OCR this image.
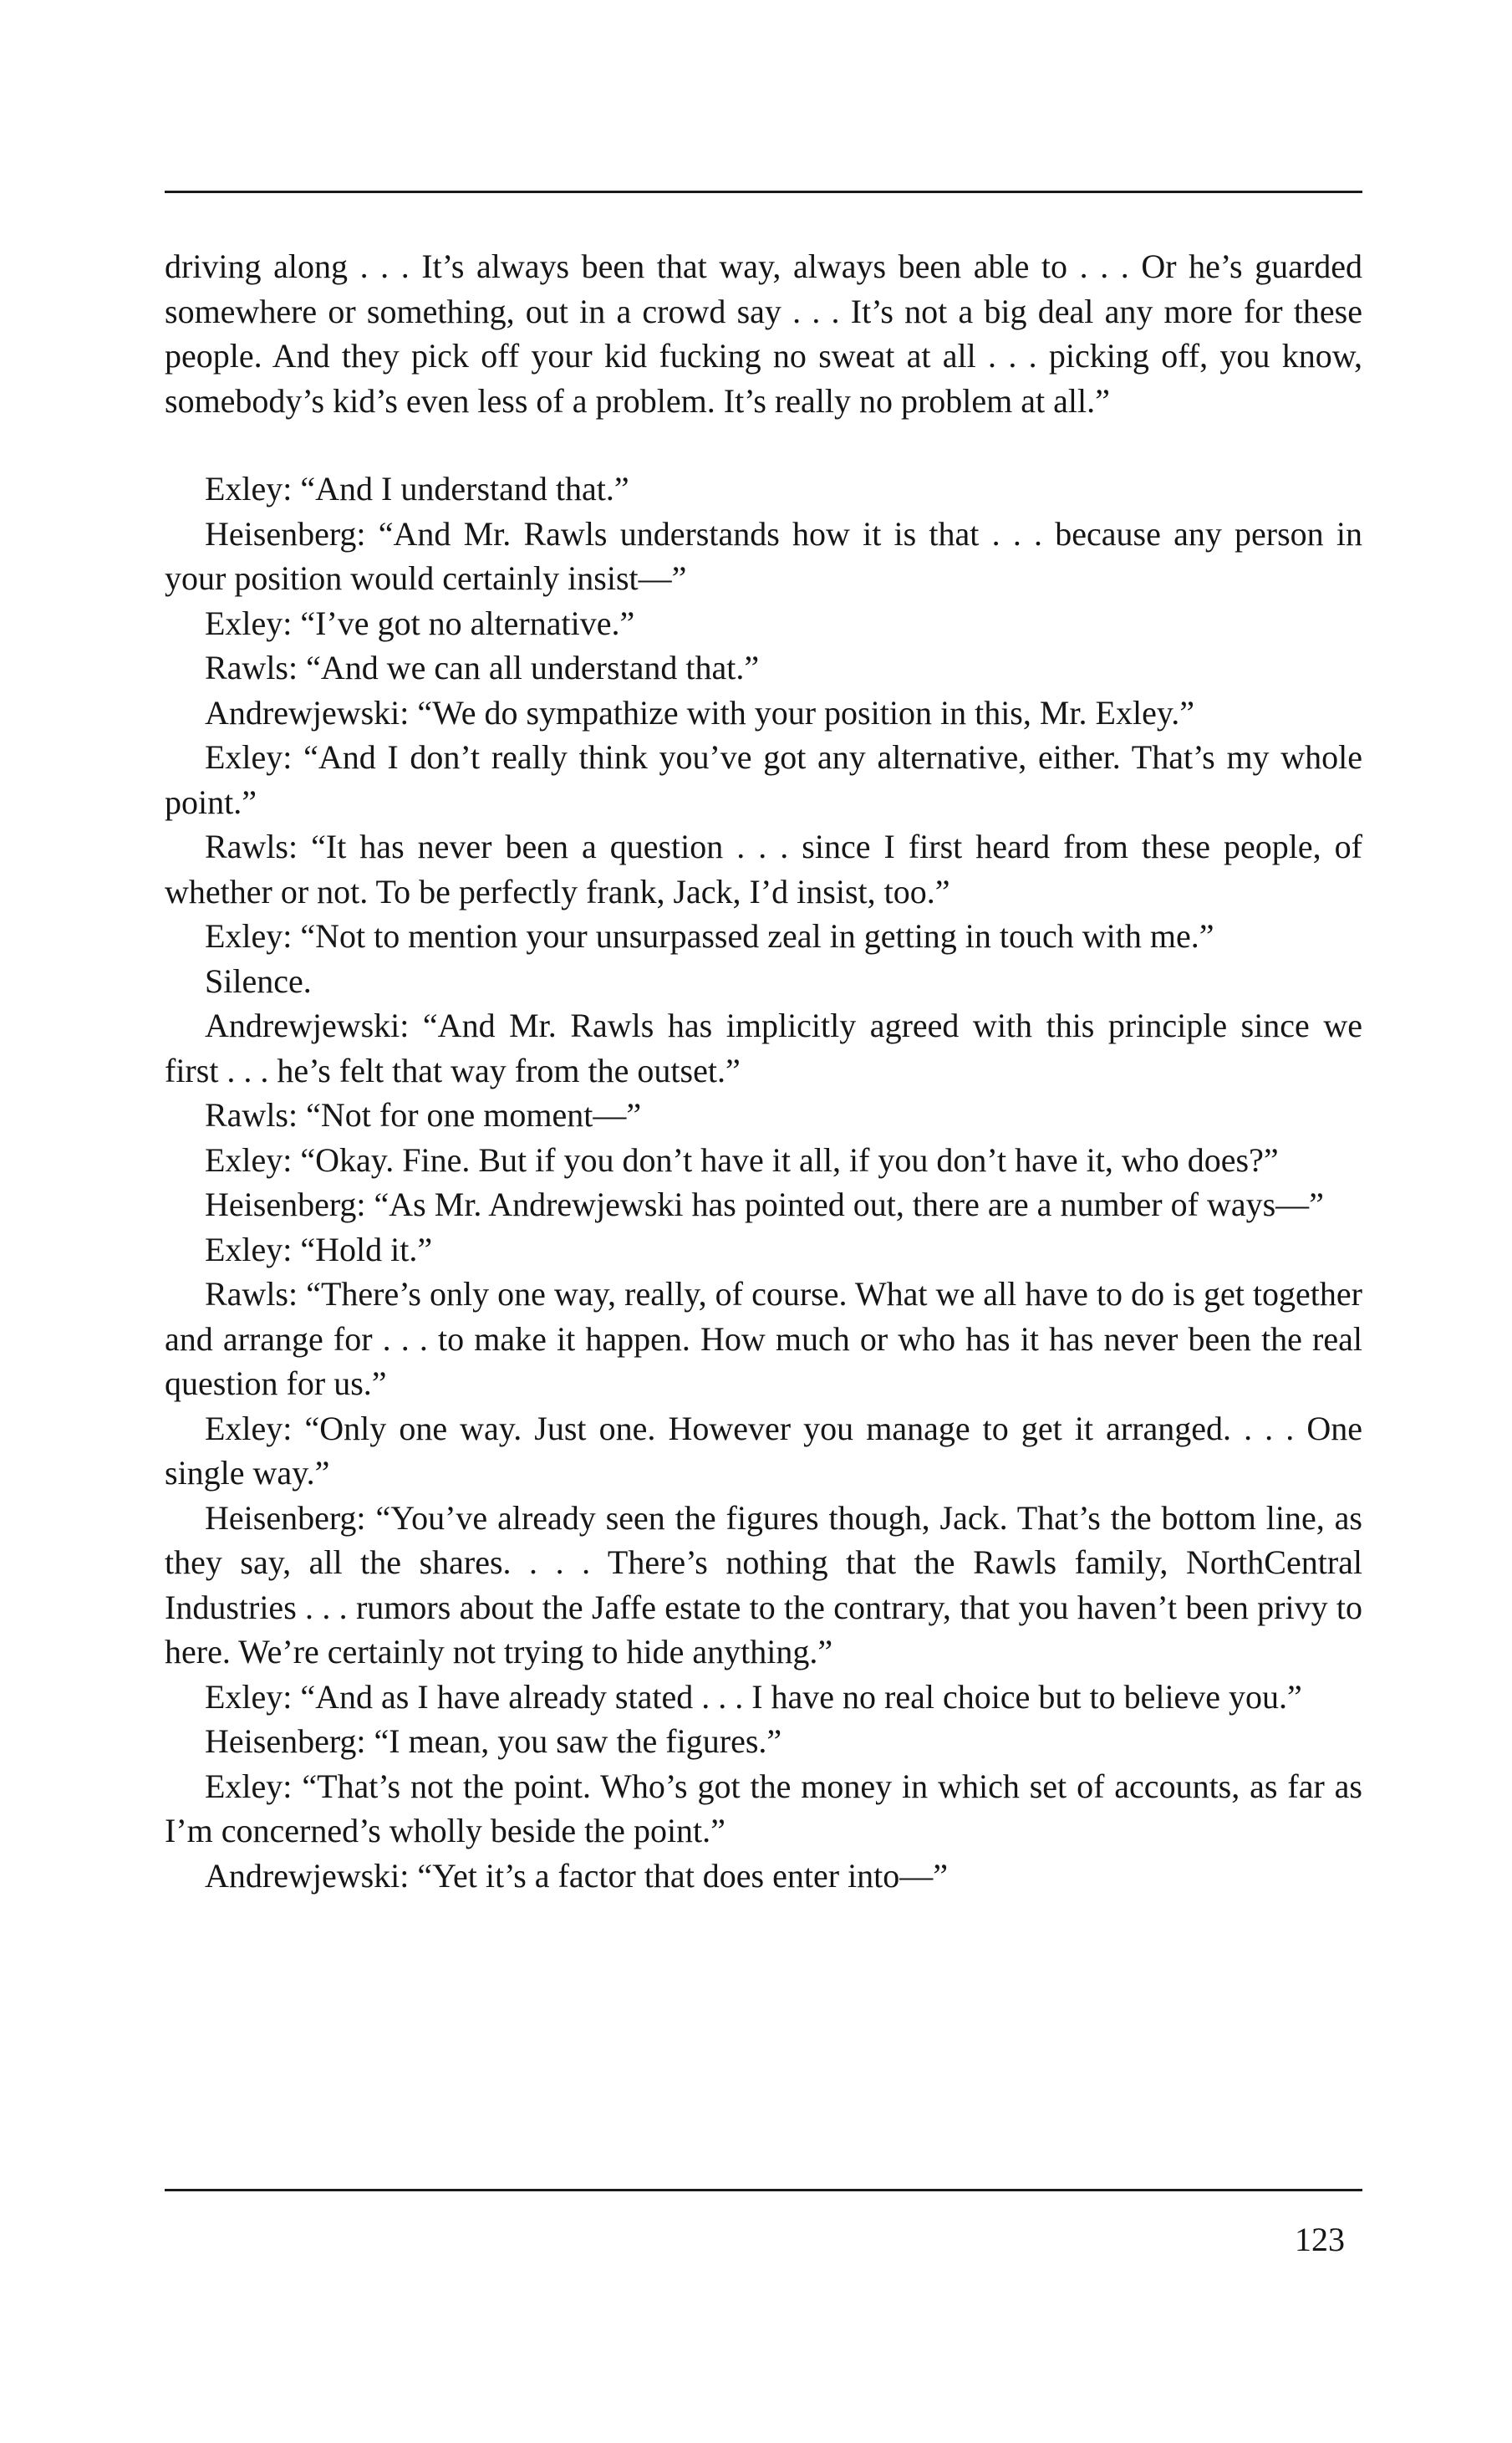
driving along . . . It’s always been that way, always been able to . . . Or he’s guarded somewhere or something, out in a crowd say . . . It’s not a big deal any more for these people. And they pick off your kid fucking no sweat at all . . . picking off, you know, somebody’s kid’s even less of a problem. It’s really no problem at all.”

Exley: “And I understand that.”

Heisenberg: “And Mr. Rawls understands how it is that . . . because any person in your position would certainly insist—”

Exley: “I’ve got no alternative.”

Rawls: “And we can all understand that.”

Andrewjewski: “We do sympathize with your position in this, Mr. Exley.”

Exley: “And I don’t really think you’ve got any alternative, either. That’s my whole point.”

Rawls: “It has never been a question . . . since I first heard from these people, of whether or not. To be perfectly frank, Jack, I’d insist, too.”

Exley: “Not to mention your unsurpassed zeal in getting in touch with me.”

Silence.

Andrewjewski: “And Mr. Rawls has implicitly agreed with this principle since we first . . . he’s felt that way from the outset.”

Rawls: “Not for one moment—”

Exley: “Okay. Fine. But if you don’t have it all, if you don’t have it, who does?”

Heisenberg: “As Mr. Andrewjewski has pointed out, there are a number of ways—”

Exley: “Hold it.”

Rawls: “There’s only one way, really, of course. What we all have to do is get together and arrange for . . . to make it happen. How much or who has it has never been the real question for us.”

Exley: “Only one way. Just one. However you manage to get it arranged. . . . One single way.”

Heisenberg: “You’ve already seen the figures though, Jack. That’s the bottom line, as they say, all the shares. . . . There’s nothing that the Rawls family, NorthCentral Industries . . . rumors about the Jaffe estate to the contrary, that you haven’t been privy to here. We’re certainly not trying to hide anything.”

Exley: “And as I have already stated . . . I have no real choice but to believe you.”

Heisenberg: “I mean, you saw the figures.”

Exley: “That’s not the point. Who’s got the money in which set of accounts, as far as I’m concerned’s wholly beside the point.”

Andrewjewski: “Yet it’s a factor that does enter into—”

123
